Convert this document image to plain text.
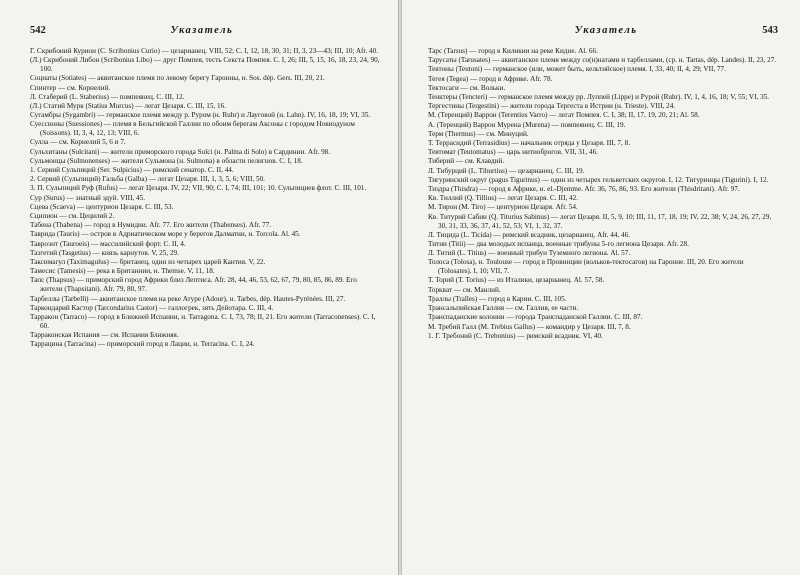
542	Указатель
Г. Скрибоний Курион (C. Scribonius Curio) — цезарианец. VIII, 52; C. I, 12, 18, 30, 31; II, 3, 23—43; III, 10; Afr. 40.
(Л.) Скрибоний Либон (Scribonius Libo) — друг Помпея, тесть Секста Помпея. C. I, 26; III, 5, 15, 16, 18, 23, 24, 90, 100.
Социаты (Sotiates) — аквитанское племя по левому берегу Гаронны, н. Sos. dép. Gers. III, 20, 21.
Спинтер — см. Корнелий.
Л. Стаберий (L. Staberius) — помпеянец. C. III, 12.
(Л.) Статий Мурк (Statius Murcus) — легат Цезаря. C. III, 15, 16.
Сугамбры (Sygambri) — германское племя между р. Руром (н. Ruhr) и Лауговой (н. Lahn). IV, 16, 18, 19; VI, 35.
Суессионы (Suessiones) — племя в Бельгийской Галлии по обоим берегам Аксоны с городом Новиодуном (Soissons). II, 3, 4, 12, 13; VIII, 6.
Сулла — см. Корнелий 5, 6 и 7.
Сульхитаны (Sulcitani) — жители приморского города Sulci (н. Palma di Solo) в Сардинии. Afr. 98.
Сульмонцы (Sulmonenses) — жители Сульмона (н. Sulmona) в области пелигнов. C. I, 18.
1. Сервий Сульпиций (Ser. Sulpicius) — римский сенатор. C. II, 44.
2. Сервий (Сульпиций) Гальба (Galba) — легат Цезаря. III, 1, 3, 5, 6; VIII, 50.
3. П. Сульпиций Руф (Rufus) — легат Цезаря. IV, 22; VII, 90; C. I, 74; III, 101; 10. Сульпициев флот. C. III, 101.
Сур (Surus) — знатный эдуй. VIII, 45.
Сцева (Scaeva) — центурион Цезаря. C. III, 53.
Сципион — см. Цецилий 2.
Табена (Thabena) — город в Нумидии. Afr. 77. Его жители (Thabenses). Afr. 77.
Таврида (Tauris) — остров в Адриатическом море у берегов Далматии, н. Torcola. Al. 45.
Тавроэнт (Tauroeis) — массилийский форт. C. II, 4.
Тазгетий (Tasgetius) — князь карнутов. V, 25, 29.
Таксимагул (Taximagulus) — британец, один из четырех царей Кантия. V, 22.
Тамесис (Tamesis) — река в Британнии, н. Themse. V, 11, 18.
Тапс (Thapsus) — приморский город Африки близ Лептиса. Afr. 28, 44, 46, 53, 62, 67, 79, 80, 85, 86, 89. Его жители (Thapsitani). Afr. 79, 80, 97.
Тарбеллы (Tarbelli) — аквитанское племя на реке Атуре (Adour), н. Tarbes, dép. Hautes-Pyrénées. III, 27.
Таркондарий Кастор (Tarcondarius Castor) — галлогрек, зять Дейотара. C. III, 4.
Тарракон (Tarraco) — город в Ближней Испании, н. Tarragona. C. I, 73, 78; II, 21. Его жители (Tarraconenses). C. I, 60.
Тарраконская Испания — см. Испания Ближняя.
Таррацина (Tarracina) — приморский город в Лации, н. Terracina. C. I, 24.
Указатель	543
Тарс (Tarsus) — город в Киликии на реке Кидне. Al. 66.
Тарусаты (Tarusates) — аквитанское племя между со(н)натами и тарбеллами, (ср. н. Tartas, dép. Landes). II, 23, 27.
Тевтоны (Teutoni) — германское (или, может быть, кельтийское) племя. I, 33, 40; II, 4, 29; VII, 77.
Тегея (Tegea) — город в Африке. Afr. 78.
Тектосаги — см. Вольки.
Тенктеры (Tencteri) — германское племя между рр. Луппей (Lippe) и Рурой (Ruhr). IV, 1, 4, 16, 18; V, 55; VI, 35.
Тергестины (Tergestini) — жители города Тергеста в Истрии (н. Trieste). VIII, 24.
М. (Теренций) Варрон (Terentius Varro) — легат Помпея. C. I, 38; II, 17, 19, 20, 21; Al. 58.
А. (Теренций) Варрон Мурена (Murena) — помпеянец. C. III, 19.
Терм (Thermus) — см. Минуций.
Т. Террасидий (Terrasidius) — начальник отряда у Цезаря. III, 7, 8.
Тевтомат (Teutomatus) — царь нитиоброгов. VII, 31, 46.
Тиберий — см. Клавдий.
Л. Тибурций (L. Tiburtius) — цезарианец. C. III, 19.
Тигуринский округ (pagus Tigurinus) — один из четырех гельветских округов. I, 12. Тигуринцы (Tigurini). I, 12.
Тиздра (Thisdra) — город в Африке, н. el.-Djemme. Afr. 36, 76, 86, 93. Его жители (Thisdritani). Afr. 97.
Кв. Тиллий (Q. Tillius) — легат Цезаря. C. III, 42.
М. Тирон (M. Tiro) — центурион Цезаря. Afr. 54.
Кв. Титурий Сабин (Q. Titurius Sabinus) — легат Цезаря. II, 5, 9, 10; III, 11, 17, 18, 19; IV, 22, 38; V, 24, 26, 27, 29, 30, 31, 33, 36, 37, 41, 52, 53; VI, 1, 32, 37.
Л. Тицида (L. Ticida) — римский всадник, цезарианец. Afr. 44, 46.
Титии (Titii) — два молодых испанца, военные трибуны 5-го легиона Цезаря. Afr. 28.
Л. Титий (L. Titius) — военный трибун Туземного легиона. Al. 57.
Толоса (Tolosa), н. Toulouse — город в Провинции (вольков-тектосагов) на Гаронне. III, 20. Его жители (Tolosates). I, 10; VII, 7.
Т. Торий (T. Torius) — из Италики, цезарианец. Al. 57, 58.
Торкват — см. Манлий.
Траллы (Tralles) — город в Карии. C. III, 105.
Трансальпийская Галлия — см. Галлия, ее части.
Транспаданские колонии — города Транспаданской Галлии. C. III, 87.
М. Требий Галл (M. Trebius Gallus) — командир у Цезаря. III, 7, 8.
1. Г. Требоний (C. Trebonius) — римский всадник. VI, 40.
